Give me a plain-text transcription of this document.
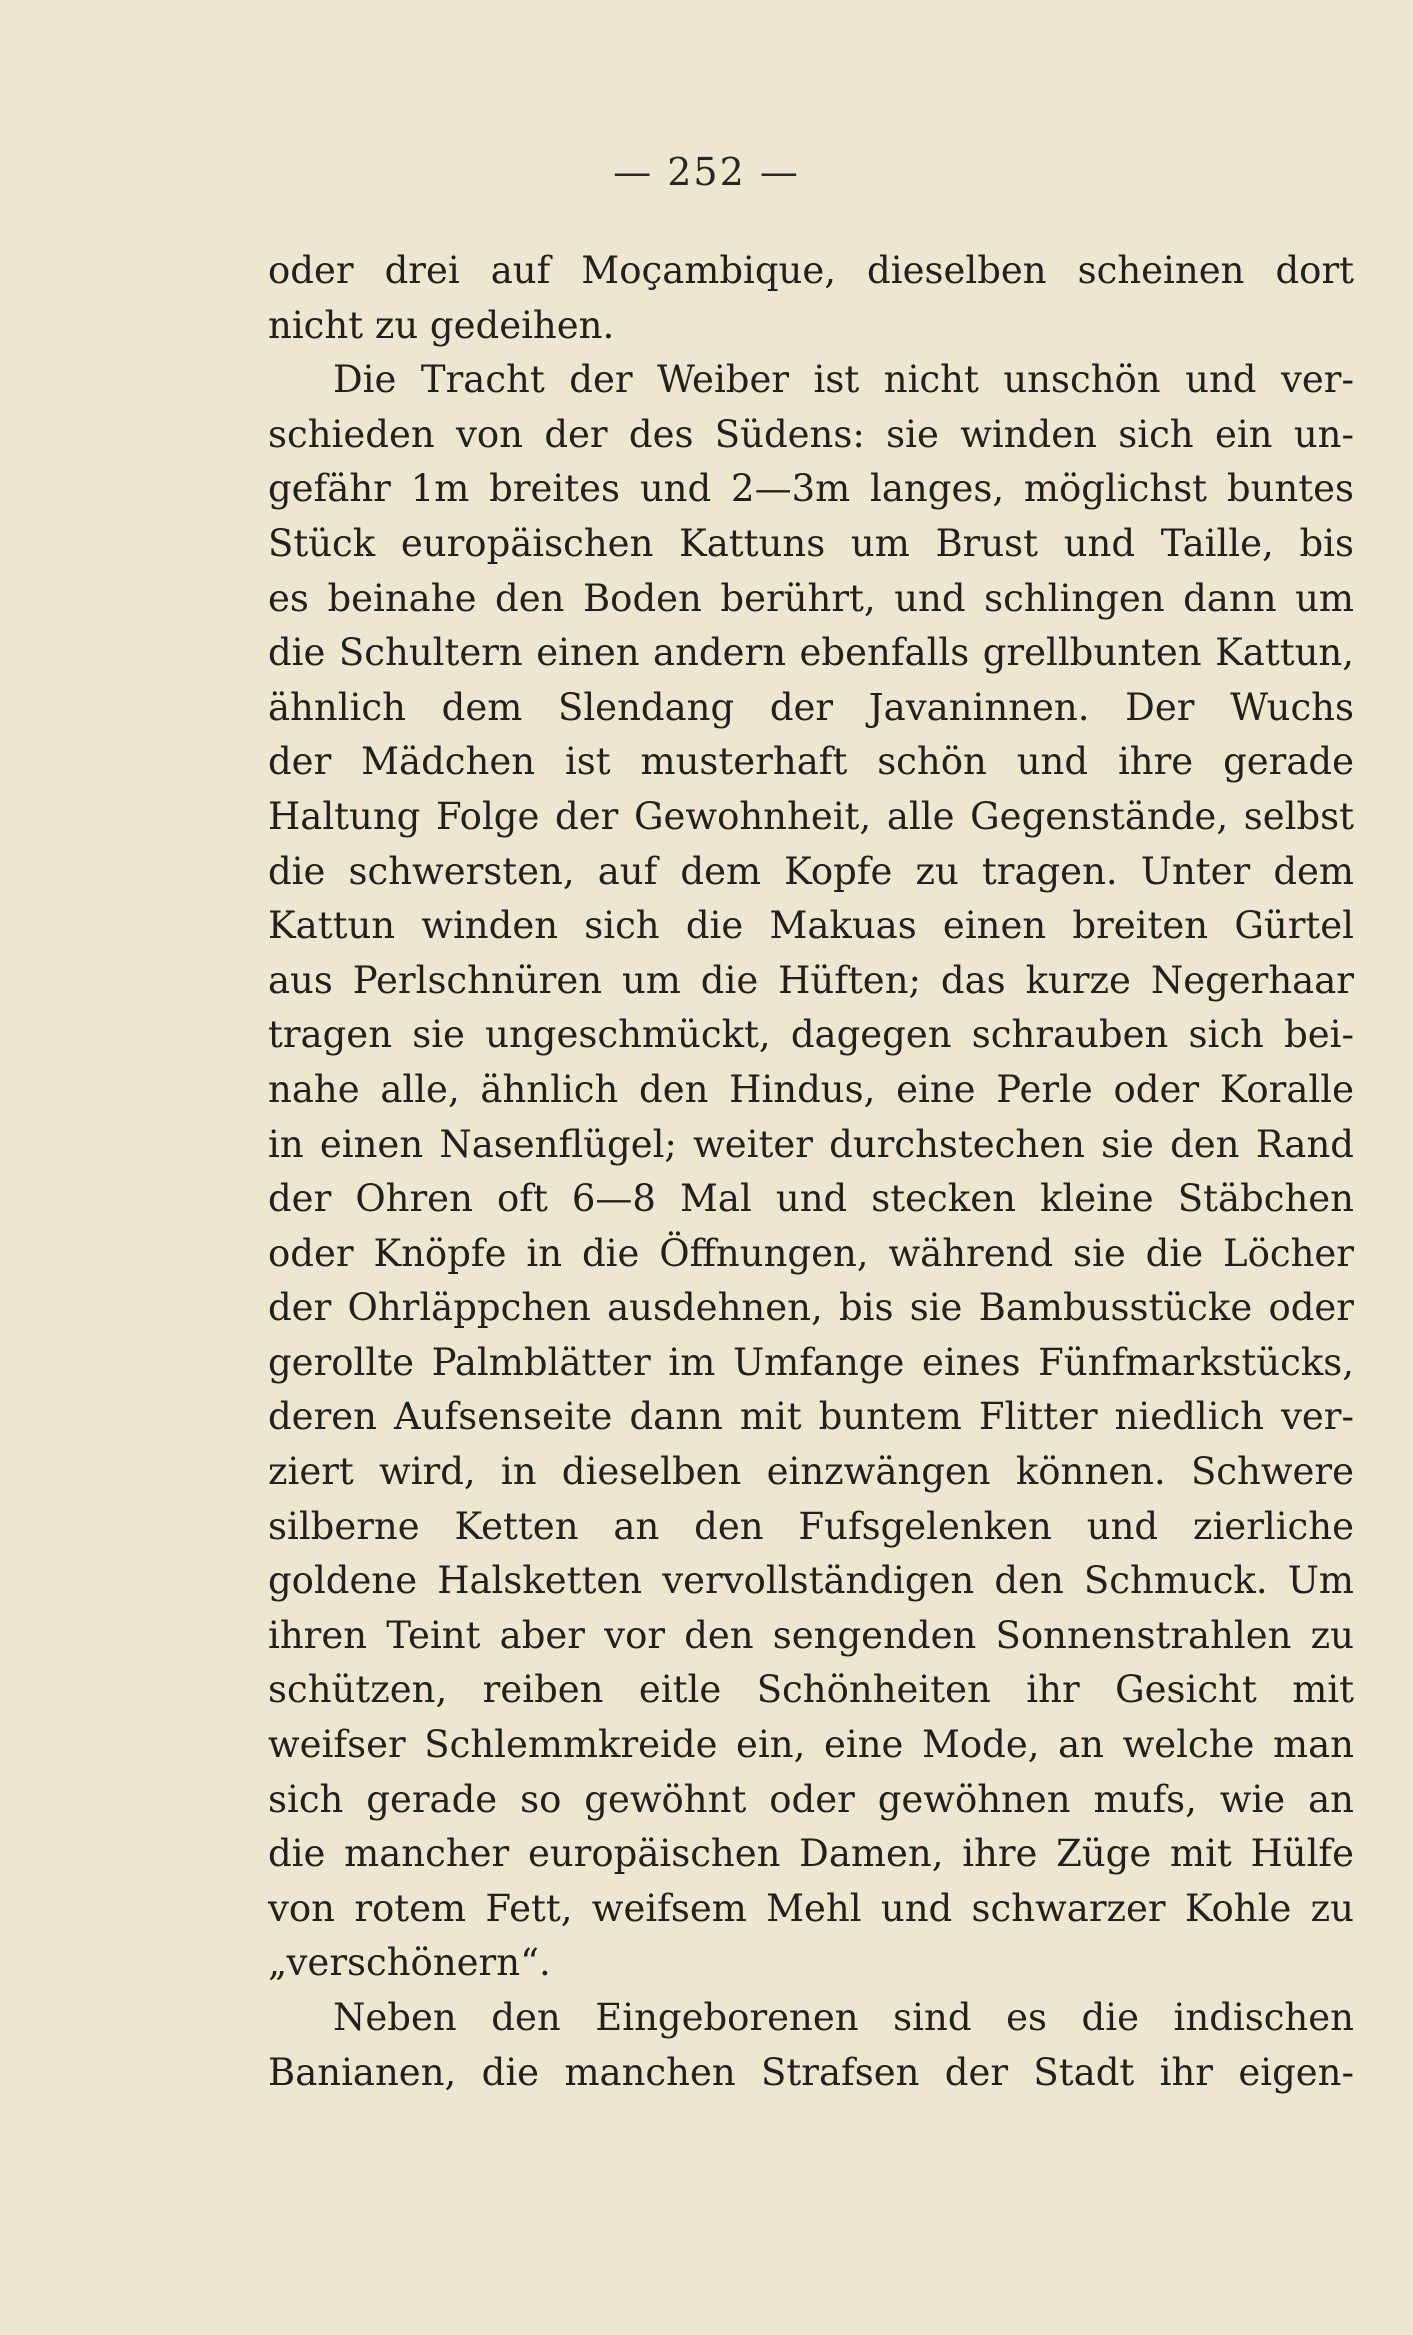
— 252 —
oder drei auf Moçambique, dieselben scheinen dort
nicht zu gedeihen.
Die Tracht der Weiber ist nicht unschön und ver-
schieden von der des Südens: sie winden sich ein un-
gefähr 1m breites und 2—3m langes, möglichst buntes
Stück europäischen Kattuns um Brust und Taille, bis
es beinahe den Boden berührt, und schlingen dann um
die Schultern einen andern ebenfalls grellbunten Kattun,
ähnlich dem Slendang der Javaninnen. Der Wuchs
der Mädchen ist musterhaft schön und ihre gerade
Haltung Folge der Gewohnheit, alle Gegenstände, selbst
die schwersten, auf dem Kopfe zu tragen. Unter dem
Kattun winden sich die Makuas einen breiten Gürtel
aus Perlschnüren um die Hüften; das kurze Negerhaar
tragen sie ungeschmückt, dagegen schrauben sich bei-
nahe alle, ähnlich den Hindus, eine Perle oder Koralle
in einen Nasenflügel; weiter durchstechen sie den Rand
der Ohren oft 6—8 Mal und stecken kleine Stäbchen
oder Knöpfe in die Öffnungen, während sie die Löcher
der Ohrläppchen ausdehnen, bis sie Bambusstücke oder
gerollte Palmblätter im Umfange eines Fünfmarkstücks,
deren Aufsenseite dann mit buntem Flitter niedlich ver-
ziert wird, in dieselben einzwängen können. Schwere
silberne Ketten an den Fufsgelenken und zierliche
goldene Halsketten vervollständigen den Schmuck. Um
ihren Teint aber vor den sengenden Sonnenstrahlen zu
schützen, reiben eitle Schönheiten ihr Gesicht mit
weifser Schlemmkreide ein, eine Mode, an welche man
sich gerade so gewöhnt oder gewöhnen mufs, wie an
die mancher europäischen Damen, ihre Züge mit Hülfe
von rotem Fett, weifsem Mehl und schwarzer Kohle zu
„verschönern“.
Neben den Eingeborenen sind es die indischen
Banianen, die manchen Strafsen der Stadt ihr eigen-
